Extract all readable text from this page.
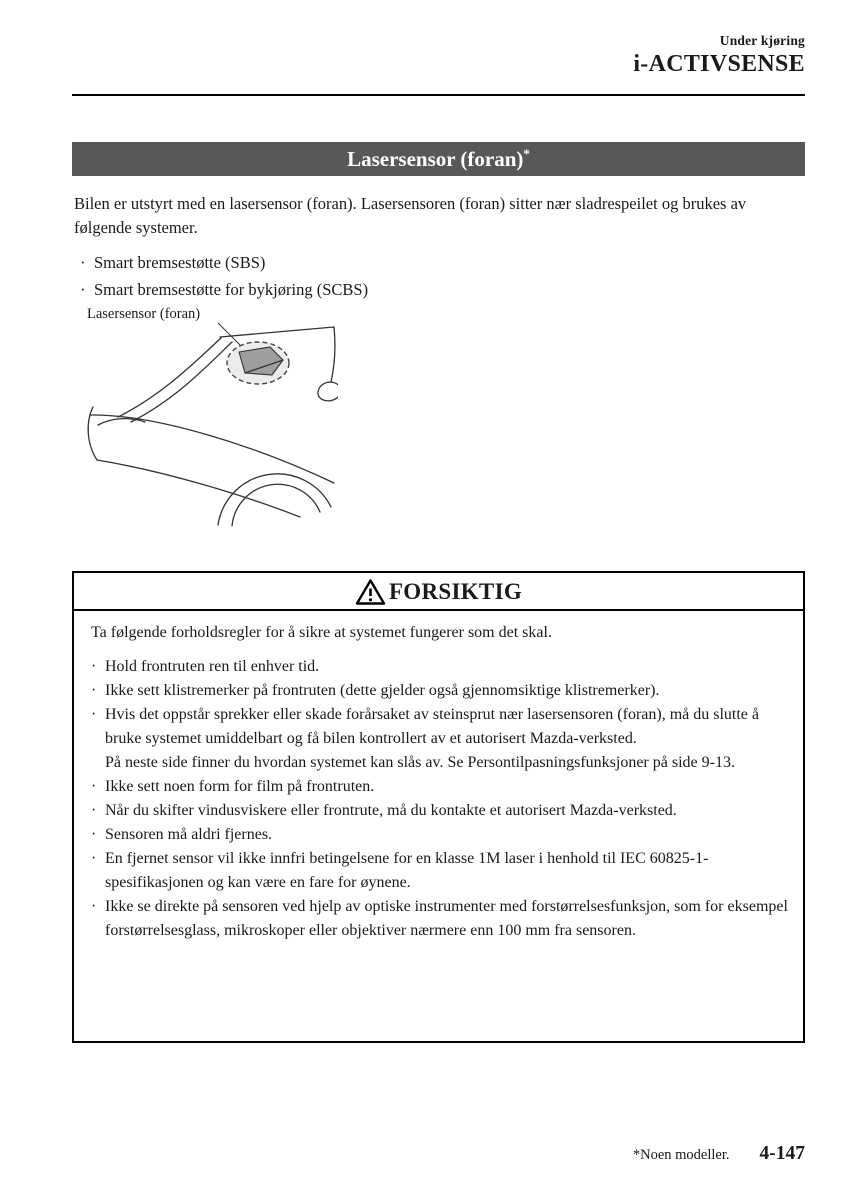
Under kjøring
i-ACTIVSENSE
Lasersensor (foran)*

Bilen er utstyrt med en lasersensor (foran). Lasersensoren (foran) sitter nær sladrespeilet og brukes av følgende systemer.

· Smart bremsestøtte (SBS)
· Smart bremsestøtte for bykjøring (SCBS)
Lasersensor (foran)
FORSIKTIG

Ta følgende forholdsregler for å sikre at systemet fungerer som det skal.

· Hold frontruten ren til enhver tid.
· Ikke sett klistremerker på frontruten (dette gjelder også gjennomsiktige klistremerker).
· Hvis det oppstår sprekker eller skade forårsaket av steinsprut nær lasersensoren (foran), må du slutte å bruke systemet umiddelbart og få bilen kontrollert av et autorisert Mazda-verksted.
På neste side finner du hvordan systemet kan slås av. Se Persontilpasningsfunksjoner på side 9-13.
· Ikke sett noen form for film på frontruten.
· Når du skifter vindusviskere eller frontrute, må du kontakte et autorisert Mazda-verksted.
· Sensoren må aldri fjernes.
· En fjernet sensor vil ikke innfri betingelsene for en klasse 1M laser i henhold til IEC 60825-1-spesifikasjonen og kan være en fare for øynene.
· Ikke se direkte på sensoren ved hjelp av optiske instrumenter med forstørrelsesfunksjon, som for eksempel forstørrelsesglass, mikroskoper eller objektiver nærmere enn 100 mm fra sensoren.
*Noen modeller. 4-147
